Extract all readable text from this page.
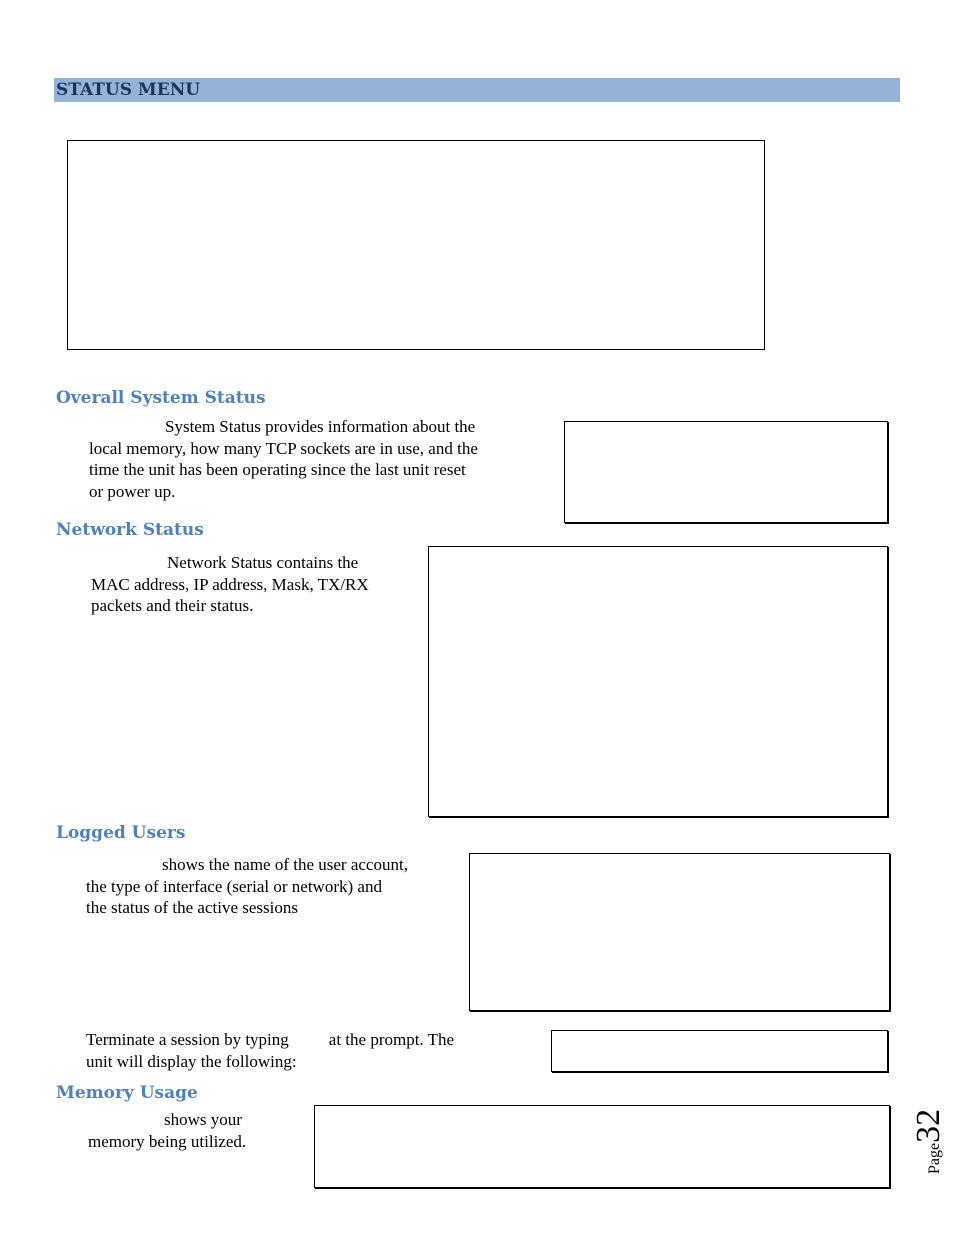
STATUS MENU
Overall System Status
System Status provides information about the
local memory, how many TCP sockets are in use, and the
time the unit has been operating since the last unit reset
or power up.
Network Status
Network Status contains the
MAC address, IP address, Mask, TX/RX
packets and their status.
Logged Users
shows the name of the user account,
the type of interface (serial or network) and
the status of the active sessions
Terminate a session by typing at the prompt. The
unit will display the following:
Memory Usage
shows your
memory being utilized.
Page32
